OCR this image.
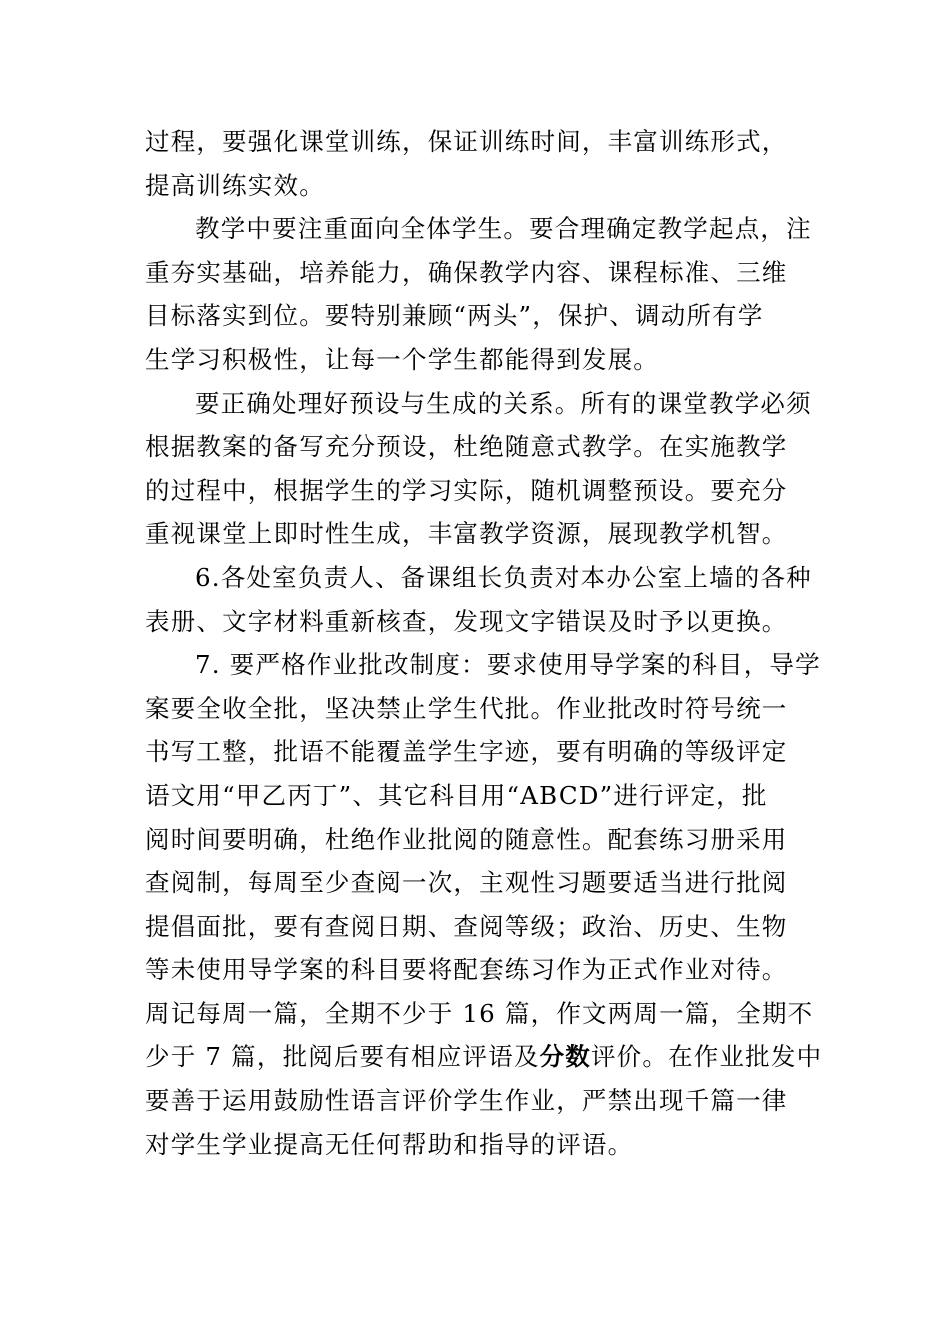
过程，要强化课堂训练，保证训练时间，丰富训练形式，
提高训练实效。
教学中要注重面向全体学生。要合理确定教学起点，注
重夯实基础，培养能力，确保教学内容、课程标准、三维
目标落实到位。要特别兼顾“两头”，保护、调动所有学
生学习积极性，让每一个学生都能得到发展。
要正确处理好预设与生成的关系。所有的课堂教学必须
根据教案的备写充分预设，杜绝随意式教学。在实施教学
的过程中，根据学生的学习实际，随机调整预设。要充分
重视课堂上即时性生成，丰富教学资源，展现教学机智。
6.各处室负责人、备课组长负责对本办公室上墙的各种
表册、文字材料重新核查，发现文字错误及时予以更换。
7. 要严格作业批改制度：要求使用导学案的科目，导学
案要全收全批，坚决禁止学生代批。作业批改时符号统一
书写工整，批语不能覆盖学生字迹，要有明确的等级评定
语文用“甲乙丙丁”、其它科目用“ABCD”进行评定，批
阅时间要明确，杜绝作业批阅的随意性。配套练习册采用
查阅制，每周至少查阅一次，主观性习题要适当进行批阅
提倡面批，要有查阅日期、查阅等级；政治、历史、生物
等未使用导学案的科目要将配套练习作为正式作业对待。
周记每周一篇，全期不少于 16 篇，作文两周一篇，全期不
少于 7 篇，批阅后要有相应评语及分数评价。在作业批发中
要善于运用鼓励性语言评价学生作业，严禁出现千篇一律
对学生学业提高无任何帮助和指导的评语。
